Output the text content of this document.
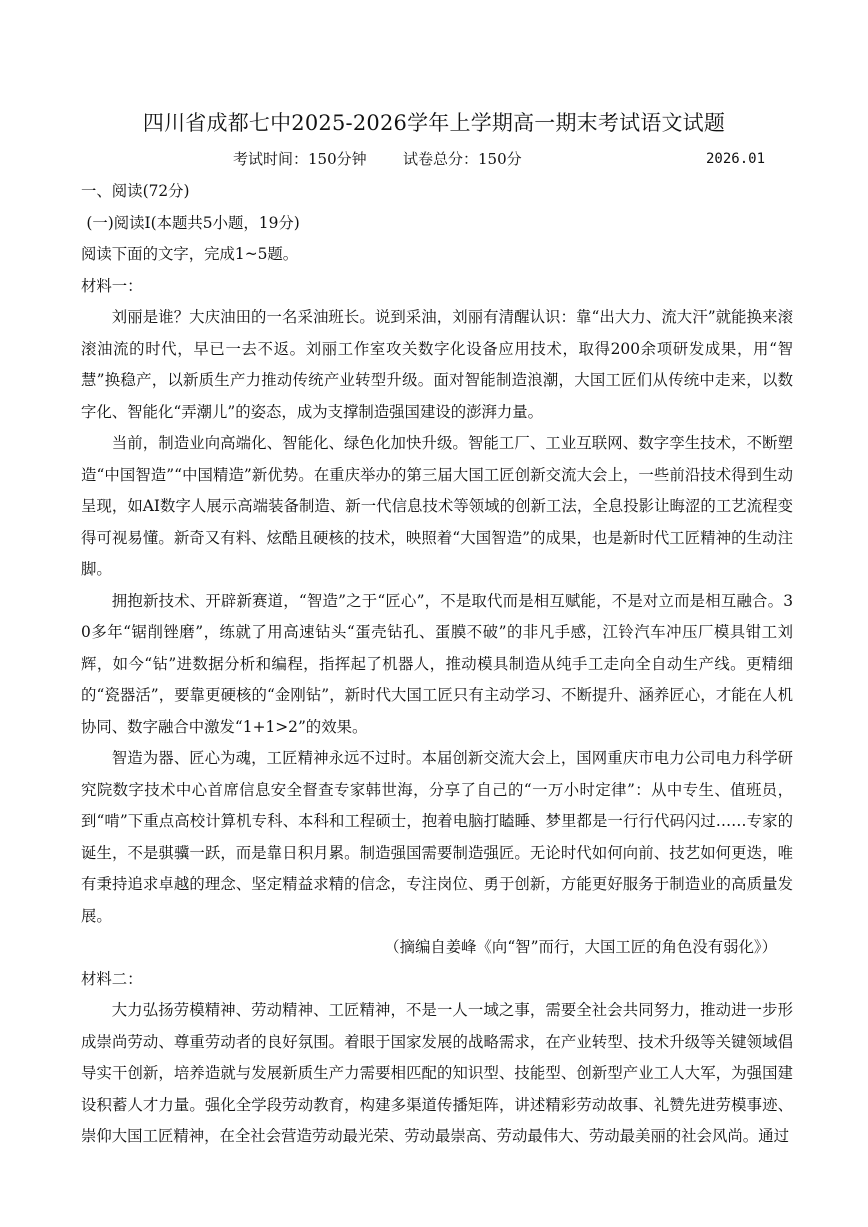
四川省成都七中2025-2026学年上学期高一期末考试语文试题
考试时间：150分钟 试卷总分：150分	2026.01

一、阅读(72分)

(一)阅读Ⅰ(本题共5小题，19分)

阅读下面的文字，完成1~5题。

材料一：

刘丽是谁？大庆油田的一名采油班长。说到采油，刘丽有清醒认识：靠“出大力、流大汗”就能换来滚滚油流的时代，早已一去不返。刘丽工作室攻关数字化设备应用技术，取得200余项研发成果，用“智慧”换稳产，以新质生产力推动传统产业转型升级。面对智能制造浪潮，大国工匠们从传统中走来，以数字化、智能化“弄潮儿”的姿态，成为支撑制造强国建设的澎湃力量。

当前，制造业向高端化、智能化、绿色化加快升级。智能工厂、工业互联网、数字孪生技术，不断塑造“中国智造”“中国精造”新优势。在重庆举办的第三届大国工匠创新交流大会上，一些前沿技术得到生动呈现，如AI数字人展示高端装备制造、新一代信息技术等领域的创新工法，全息投影让晦涩的工艺流程变得可视易懂。新奇又有料、炫酷且硬核的技术，映照着“大国智造”的成果，也是新时代工匠精神的生动注脚。

拥抱新技术、开辟新赛道，“智造”之于“匠心”，不是取代而是相互赋能，不是对立而是相互融合。30多年“锯削锉磨”，练就了用高速钻头“蛋壳钻孔、蛋膜不破”的非凡手感，江铃汽车冲压厂模具钳工刘辉，如今“钻”进数据分析和编程，指挥起了机器人，推动模具制造从纯手工走向全自动生产线。更精细的“瓷器活”，要靠更硬核的“金刚钻”，新时代大国工匠只有主动学习、不断提升、涵养匠心，才能在人机协同、数字融合中激发“1+1>2”的效果。

智造为器、匠心为魂，工匠精神永远不过时。本届创新交流大会上，国网重庆市电力公司电力科学研究院数字技术中心首席信息安全督查专家韩世海，分享了自己的“一万小时定律”：从中专生、值班员，到“啃”下重点高校计算机专科、本科和工程硕士，抱着电脑打瞌睡、梦里都是一行行代码闪过……专家的诞生，不是骐骥一跃，而是靠日积月累。制造强国需要制造强匠。无论时代如何向前、技艺如何更迭，唯有秉持追求卓越的理念、坚定精益求精的信念，专注岗位、勇于创新，方能更好服务于制造业的高质量发展。

（摘编自姜峰《向“智”而行，大国工匠的角色没有弱化》）

材料二：

大力弘扬劳模精神、劳动精神、工匠精神，不是一人一域之事，需要全社会共同努力，推动进一步形成崇尚劳动、尊重劳动者的良好氛围。着眼于国家发展的战略需求，在产业转型、技术升级等关键领域倡导实干创新，培养造就与发展新质生产力需要相匹配的知识型、技能型、创新型产业工人大军，为强国建设积蓄人才力量。强化全学段劳动教育，构建多渠道传播矩阵，讲述精彩劳动故事、礼赞先进劳模事迹、崇仰大国工匠精神，在全社会营造劳动最光荣、劳动最崇高、劳动最伟大、劳动最美丽的社会风尚。通过
